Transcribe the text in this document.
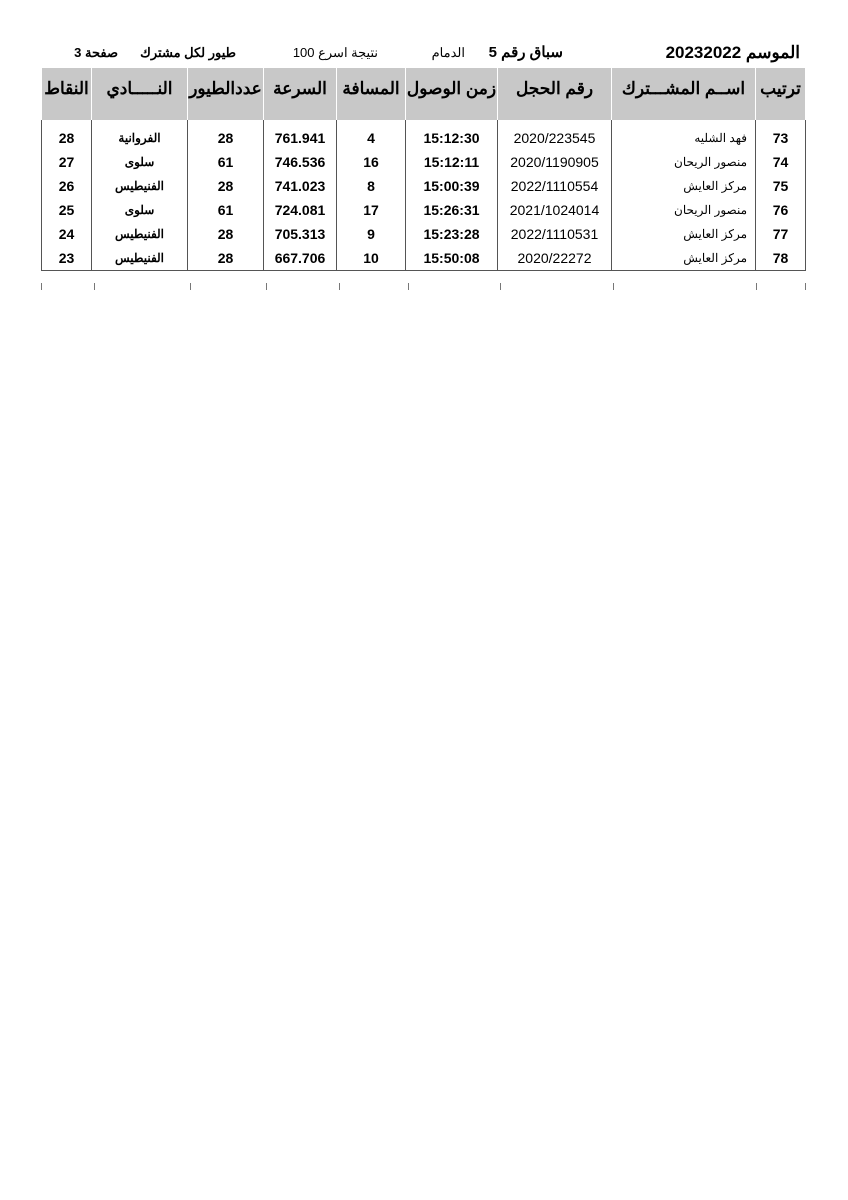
الموسم 20232022
سباق رقم 5
الدمام
نتيجة اسرع 100
طيور لكل مشترك
صفحة 3
ترتيب	اســم المشـــترك	رقم الحجل	زمن الوصول	المسافة	السرعة	عددالطيور	النـــــادي	النقاط

73	فهد الشليه	2020/223545	15:12:30	4	761.941	28	الفروانية	28
74	منصور الريحان	2020/1190905	15:12:11	16	746.536	61	سلوى	27
75	مركز العايش	2022/1110554	15:00:39	8	741.023	28	الفنيطيس	26
76	منصور الريحان	2021/1024014	15:26:31	17	724.081	61	سلوى	25
77	مركز العايش	2022/1110531	15:23:28	9	705.313	28	الفنيطيس	24
78	مركز العايش	2020/22272	15:50:08	10	667.706	28	الفنيطيس	23
